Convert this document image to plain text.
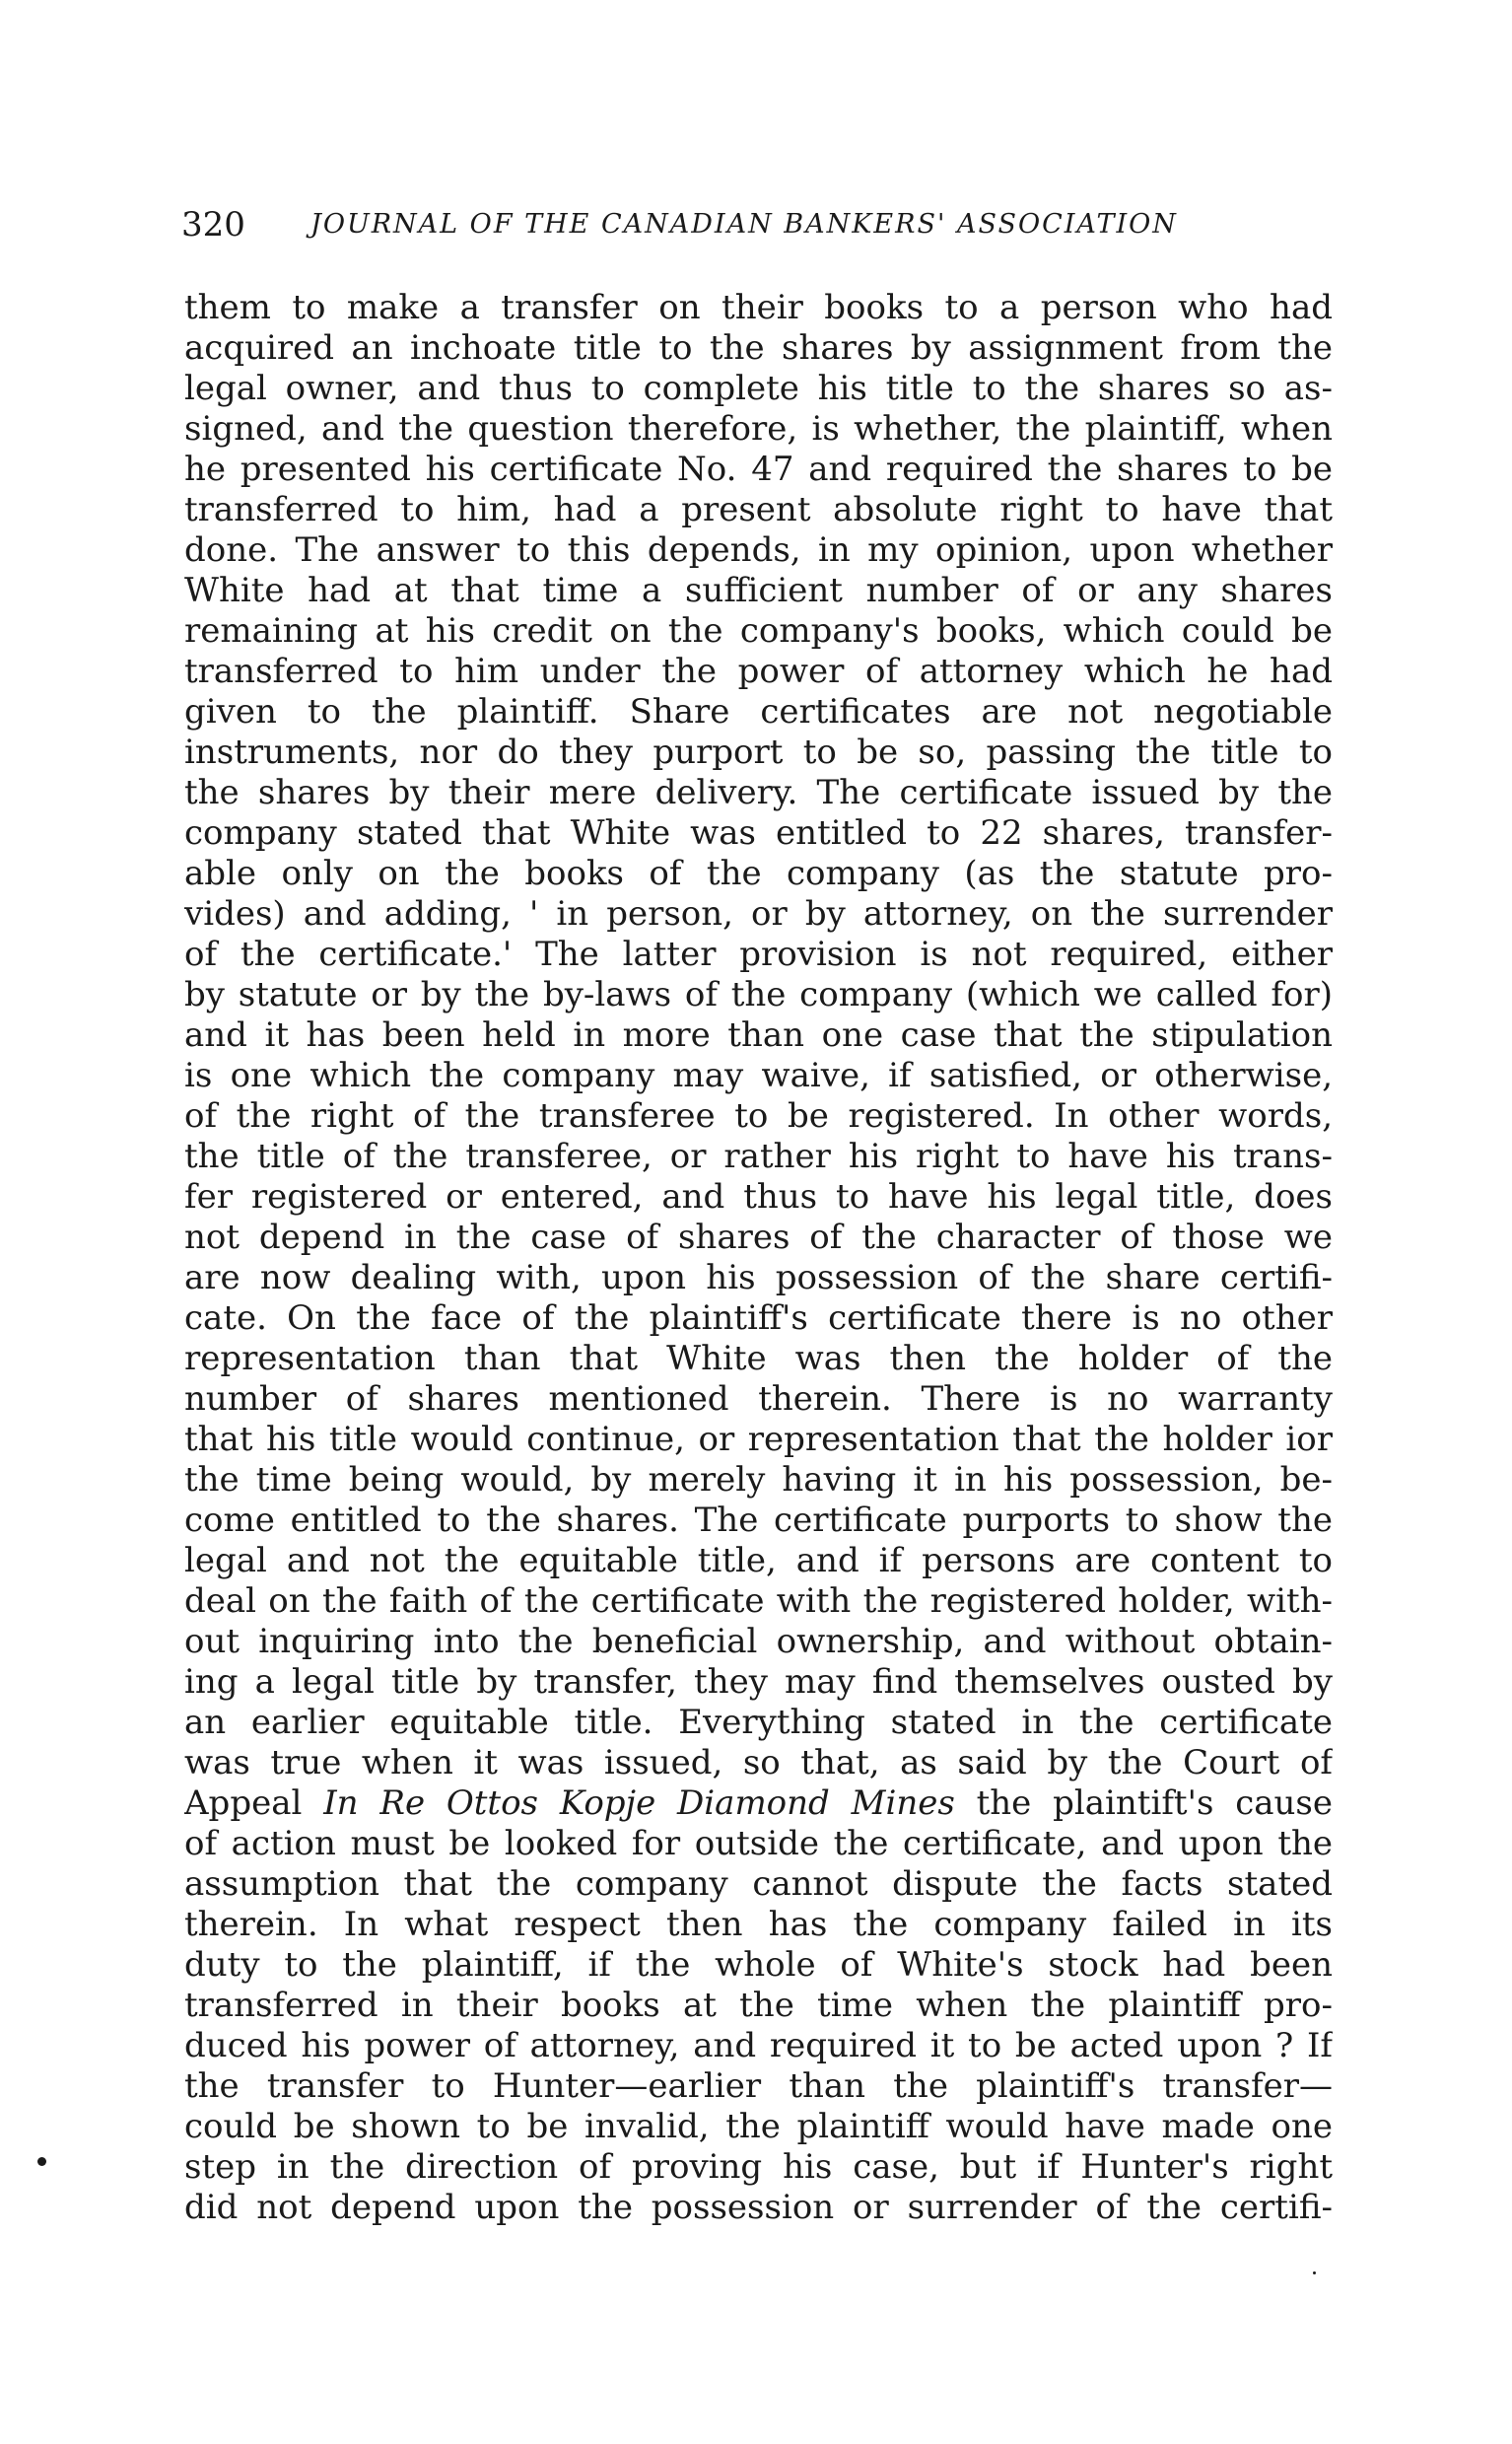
320 JOURNAL OF THE CANADIAN BANKERS' ASSOCIATION
them to make a transfer on their books to a person who had
acquired an inchoate title to the shares by assignment from the
legal owner, and thus to complete his title to the shares so as-
signed, and the question therefore, is whether, the plaintiff, when
he presented his certificate No. 47 and required the shares to be
transferred to him, had a present absolute right to have that
done. The answer to this depends, in my opinion, upon whether
White had at that time a sufficient number of or any shares
remaining at his credit on the company's books, which could be
transferred to him under the power of attorney which he had
given to the plaintiff. Share certificates are not negotiable
instruments, nor do they purport to be so, passing the title to
the shares by their mere delivery. The certificate issued by the
company stated that White was entitled to 22 shares, transfer-
able only on the books of the company (as the statute pro-
vides) and adding, ' in person, or by attorney, on the surrender
of the certificate.' The latter provision is not required, either
by statute or by the by-laws of the company (which we called for)
and it has been held in more than one case that the stipulation
is one which the company may waive, if satisfied, or otherwise,
of the right of the transferee to be registered. In other words,
the title of the transferee, or rather his right to have his trans-
fer registered or entered, and thus to have his legal title, does
not depend in the case of shares of the character of those we
are now dealing with, upon his possession of the share certifi-
cate. On the face of the plaintiff's certificate there is no other
representation than that White was then the holder of the
number of shares mentioned therein. There is no warranty
that his title would continue, or representation that the holder ior
the time being would, by merely having it in his possession, be-
come entitled to the shares. The certificate purports to show the
legal and not the equitable title, and if persons are content to
deal on the faith of the certificate with the registered holder, with-
out inquiring into the beneficial ownership, and without obtain-
ing a legal title by transfer, they may find themselves ousted by
an earlier equitable title. Everything stated in the certificate
was true when it was issued, so that, as said by the Court of
Appeal In Re Ottos Kopje Diamond Mines the plaintift's cause
of action must be looked for outside the certificate, and upon the
assumption that the company cannot dispute the facts stated
therein. In what respect then has the company failed in its
duty to the plaintiff, if the whole of White's stock had been
transferred in their books at the time when the plaintiff pro-
duced his power of attorney, and required it to be acted upon ? If
the transfer to Hunter—earlier than the plaintiff's transfer—
could be shown to be invalid, the plaintiff would have made one
step in the direction of proving his case, but if Hunter's right
did not depend upon the possession or surrender of the certifi-
